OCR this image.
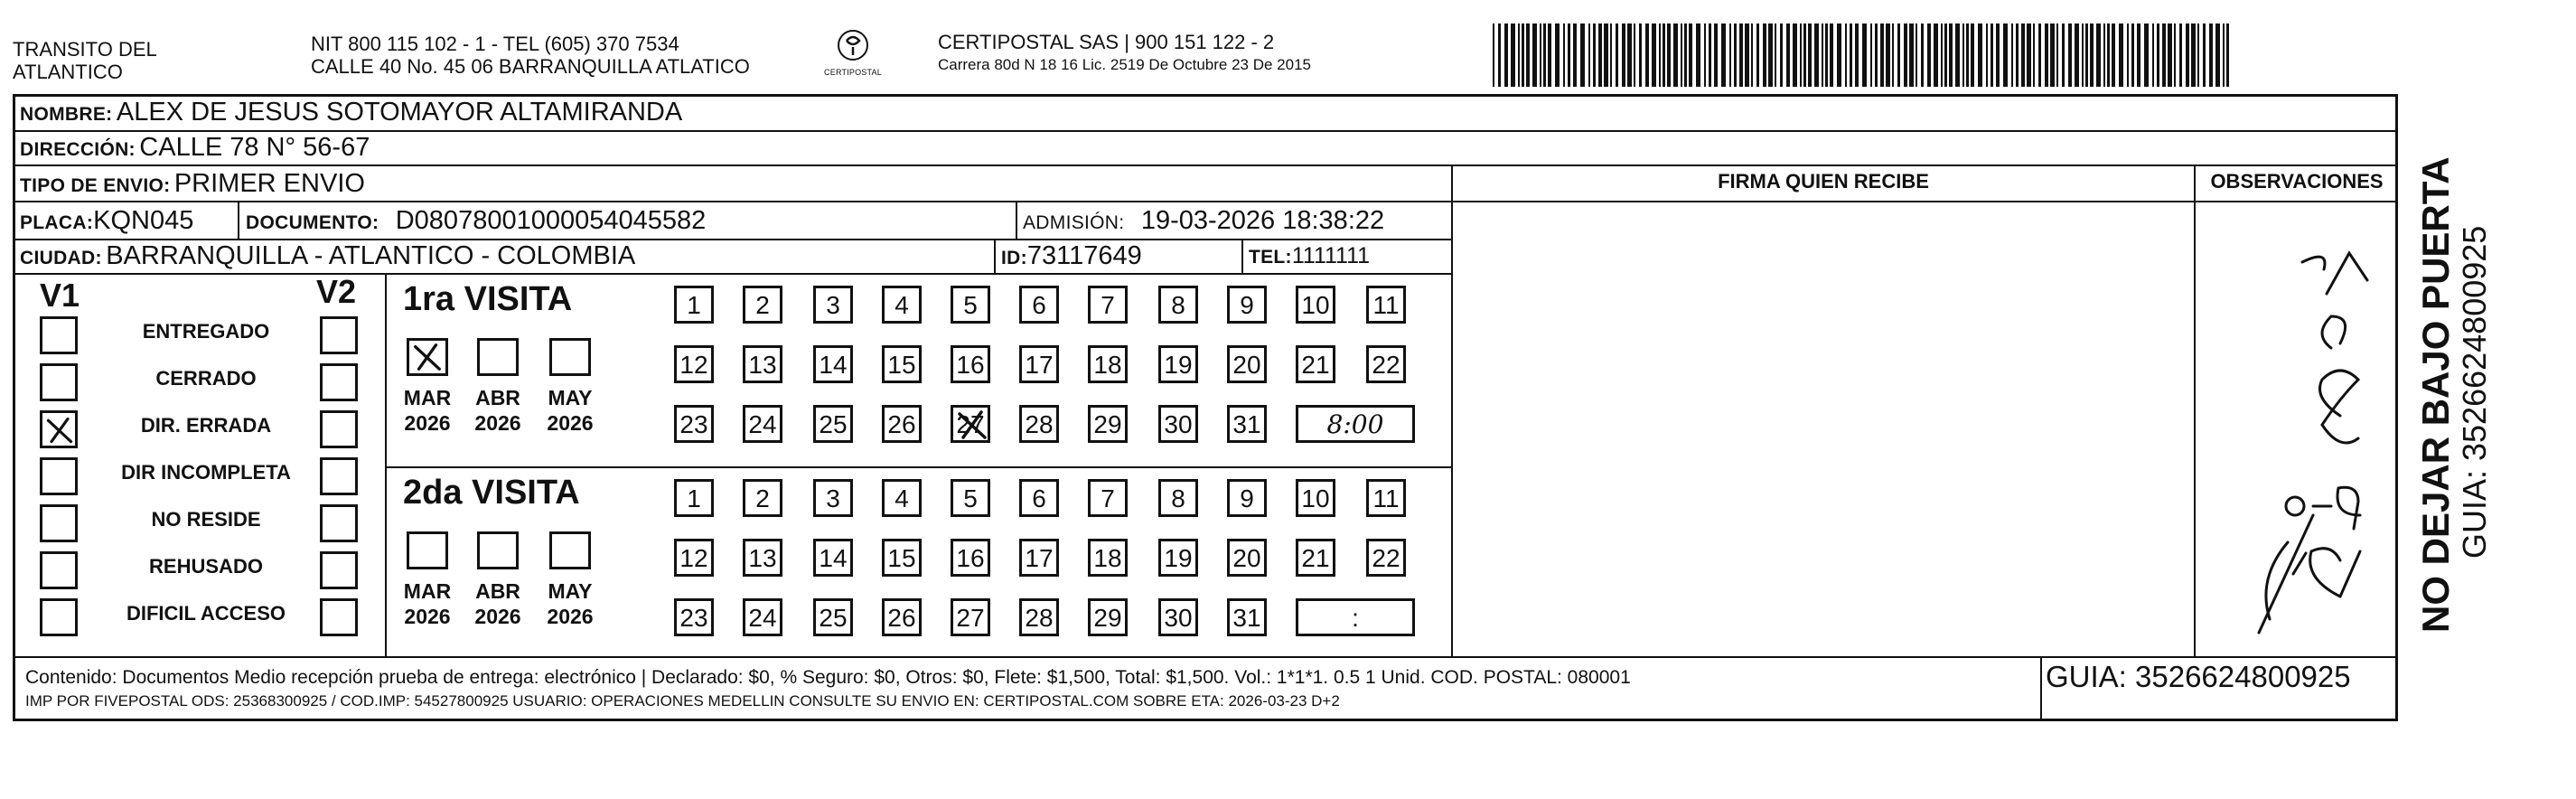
TRANSITO DEL
ATLANTICO
NIT 800 115 102 - 1 - TEL (605) 370 7534
CALLE 40 No. 45 06 BARRANQUILLA ATLATICO	CERTIPOSTAL
CERTIPOSTAL SAS | 900 151 122 - 2
Carrera 80d N 18 16 Lic. 2519 De Octubre 23 De 2015
NOMBRE: ALEX DE JESUS SOTOMAYOR ALTAMIRANDA
DIRECCIÓN: CALLE 78 N° 56-67
TIPO DE ENVIO: PRIMER ENVIO	FIRMA QUIEN RECIBE	OBSERVACIONES
PLACA:KQN045	DOCUMENTO: D08078001000054045582	ADMISIÓN: 19-03-2026 18:38:22
CIUDAD: BARRANQUILLA - ATLANTICO - COLOMBIA	ID:73117649	TEL:1111111
V1	V2 1ra VISITA
2da VISITA
Contenido: Documentos Medio recepción prueba de entrega: electrónico | Declarado: $0, % Seguro: $0, Otros: $0, Flete: $1,500, Total: $1,500. Vol.: 1*1*1. 0.5 1 Unid. COD. POSTAL: 080001
IMP POR FIVEPOSTAL ODS: 25368300925 / COD.IMP: 54527800925 USUARIO: OPERACIONES MEDELLIN CONSULTE SU ENVIO EN: CERTIPOSTAL.COM SOBRE ETA: 2026-03-23 D+2
GUIA: 3526624800925
NO DEJAR BAJO PUERTA GUIA: 3526624800925
ENTREGADO
CERRADO
DIR. ERRADA
DIR INCOMPLETA
NO RESIDE
REHUSADO
DIFICIL ACCESO
MAR
2026
ABR
2026
MAY
2026
1	2	3	4	5	6	7	8	9	10 11
12 13 14 15 16 17 18 19 20 21 22
23 24 25 26 27 28 29 30 31	8:00
MAR
2026
ABR
2026
MAY
2026
1	2	3	4	5	6	7	8	9	10 11
12 13 14 15 16 17 18 19 20 21 22
23 24 25 26 27 28 29 30 31	:
